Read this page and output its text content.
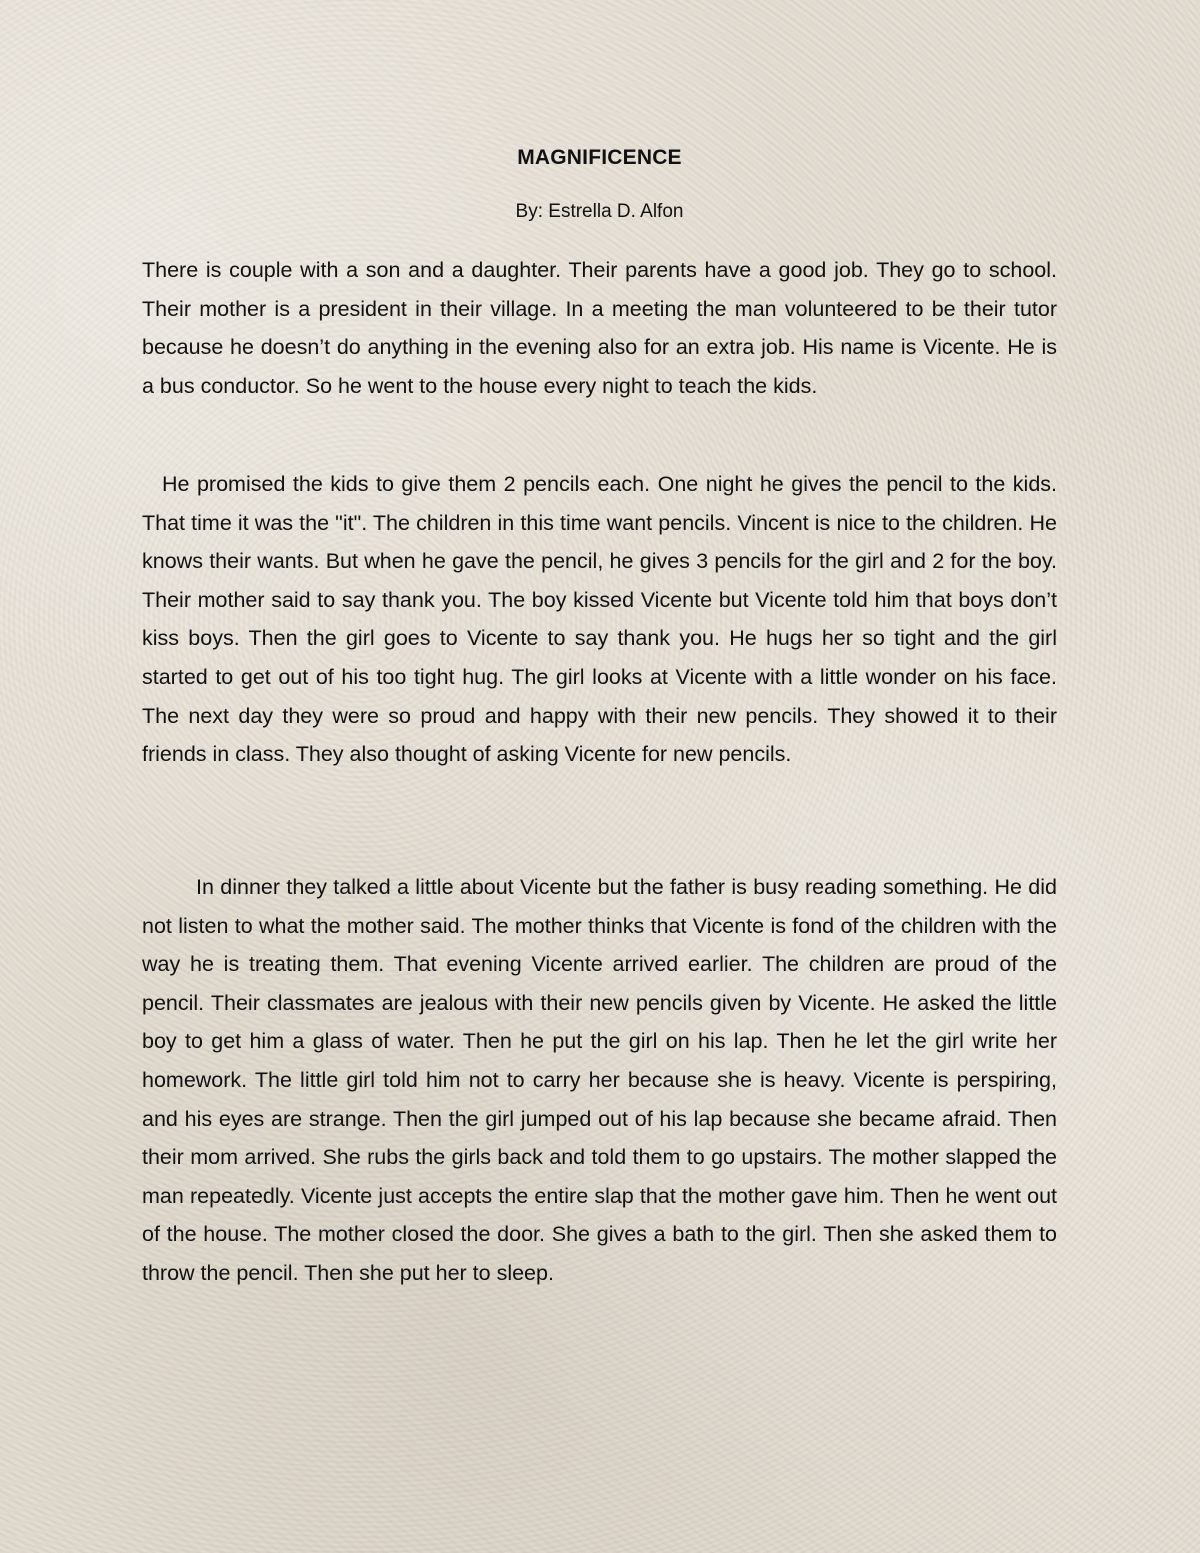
MAGNIFICENCE

By: Estrella D. Alfon

There is couple with a son and a daughter. Their parents have a good job. They go to school. Their mother is a president in their village. In a meeting the man volunteered to be their tutor because he doesn’t do anything in the evening also for an extra job. His name is Vicente. He is a bus conductor. So he went to the house every night to teach the kids.

He promised the kids to give them 2 pencils each. One night he gives the pencil to the kids. That time it was the "it". The children in this time want pencils. Vincent is nice to the children. He knows their wants. But when he gave the pencil, he gives 3 pencils for the girl and 2 for the boy. Their mother said to say thank you. The boy kissed Vicente but Vicente told him that boys don’t kiss boys. Then the girl goes to Vicente to say thank you. He hugs her so tight and the girl started to get out of his too tight hug. The girl looks at Vicente with a little wonder on his face. The next day they were so proud and happy with their new pencils. They showed it to their friends in class. They also thought of asking Vicente for new pencils.

In dinner they talked a little about Vicente but the father is busy reading something. He did not listen to what the mother said. The mother thinks that Vicente is fond of the children with the way he is treating them. That evening Vicente arrived earlier. The children are proud of the pencil. Their classmates are jealous with their new pencils given by Vicente. He asked the little boy to get him a glass of water. Then he put the girl on his lap. Then he let the girl write her homework. The little girl told him not to carry her because she is heavy. Vicente is perspiring, and his eyes are strange. Then the girl jumped out of his lap because she became afraid. Then their mom arrived. She rubs the girls back and told them to go upstairs. The mother slapped the man repeatedly. Vicente just accepts the entire slap that the mother gave him. Then he went out of the house. The mother closed the door. She gives a bath to the girl. Then she asked them to throw the pencil. Then she put her to sleep.
